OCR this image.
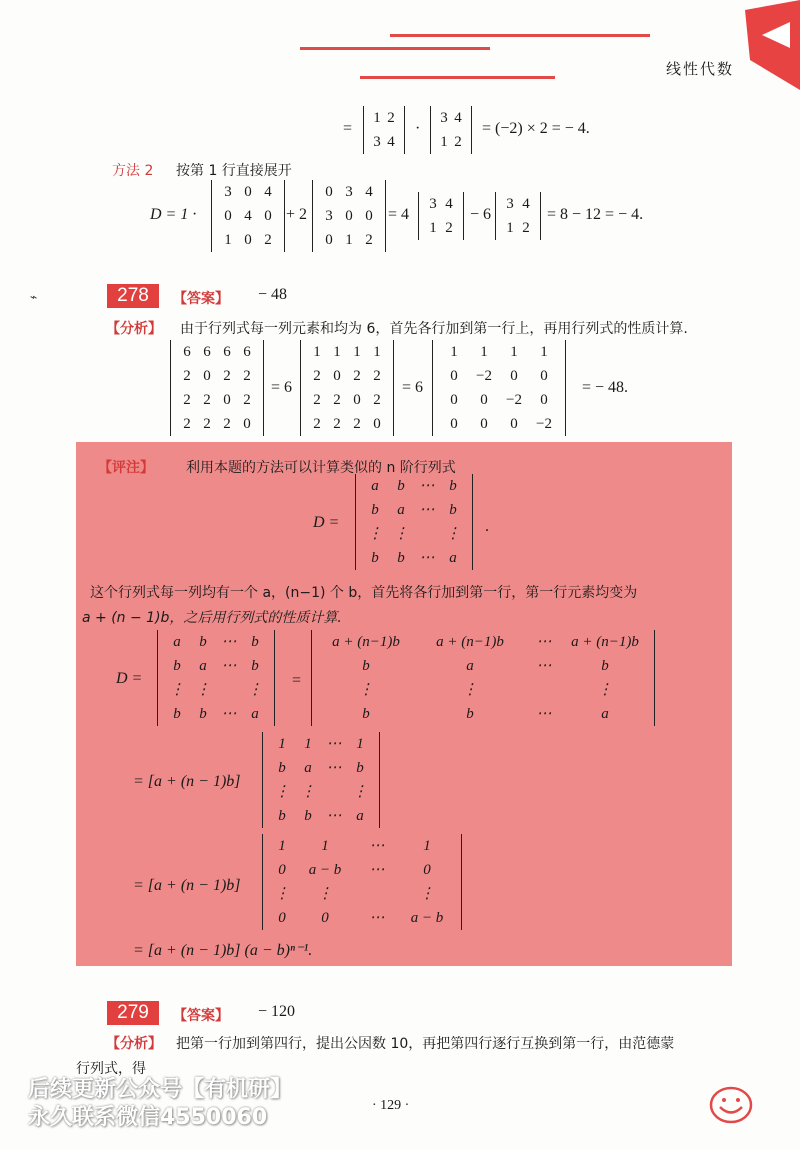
线性代数
=
1 2
3 4
·
3 4
1 2
= (−2) × 2 = − 4.
方法 2 按第 1 行直接展开
D = 1 ·
3 0 4
0 4 0
1 0 2
+ 2
0 3 4
3 0 0
0 1 2
= 4
3 4
1 2
− 6
3 4
1 2
= 8 − 12 = − 4.
⌁	278	【答案】 − 48
【分析】 由于行列式每一列元素和均为 6，首先各行加到第一行上，再用行列式的性质计算.
6 6 6 6
2 0 2 2
2 2 0 2
2 2 2 0
= 6
1 1 1 1
2 0 2 2
2 2 0 2
2 2 2 0
= 6
1	1	1	1
0	−2	0	0
0	0	−2	0
0	0	0	−2
= − 48.
【评注】 利用本题的方法可以计算类似的 n 阶行列式
D =
a	b ⋯ b
b	a ⋯ b
⋮ ⋮	⋮
b	b ⋯ a
.
这个行列式每一列均有一个 a，(n−1) 个 b，首先将各行加到第一行，第一行元素均变为
a + (n − 1)b，之后用行列式的性质计算.
D =
a	b ⋯ b
b	a ⋯ b
⋮ ⋮	⋮
b	b ⋯ a
=
a + (n−1)b	a + (n−1)b	⋯	a + (n−1)b
b	a	⋯	b
⋮	⋮	⋮
b	b	⋯	a
= [a + (n − 1)b]
1	1 ⋯ 1
b	a ⋯ b
⋮ ⋮	⋮
b	b ⋯ a
= [a + (n − 1)b]
1	1	⋯	1
0	a − b	⋯	0
⋮	⋮	⋮
0	0	⋯	a − b
= [a + (n − 1)b] (a − b)ⁿ⁻¹.
279	【答案】 − 120
【分析】 把第一行加到第四行，提出公因数 10，再把第四行逐行互换到第一行，由范德蒙
行列式，得
后续更新公众号【有机研】
永久联系微信4550060	· 129 ·
